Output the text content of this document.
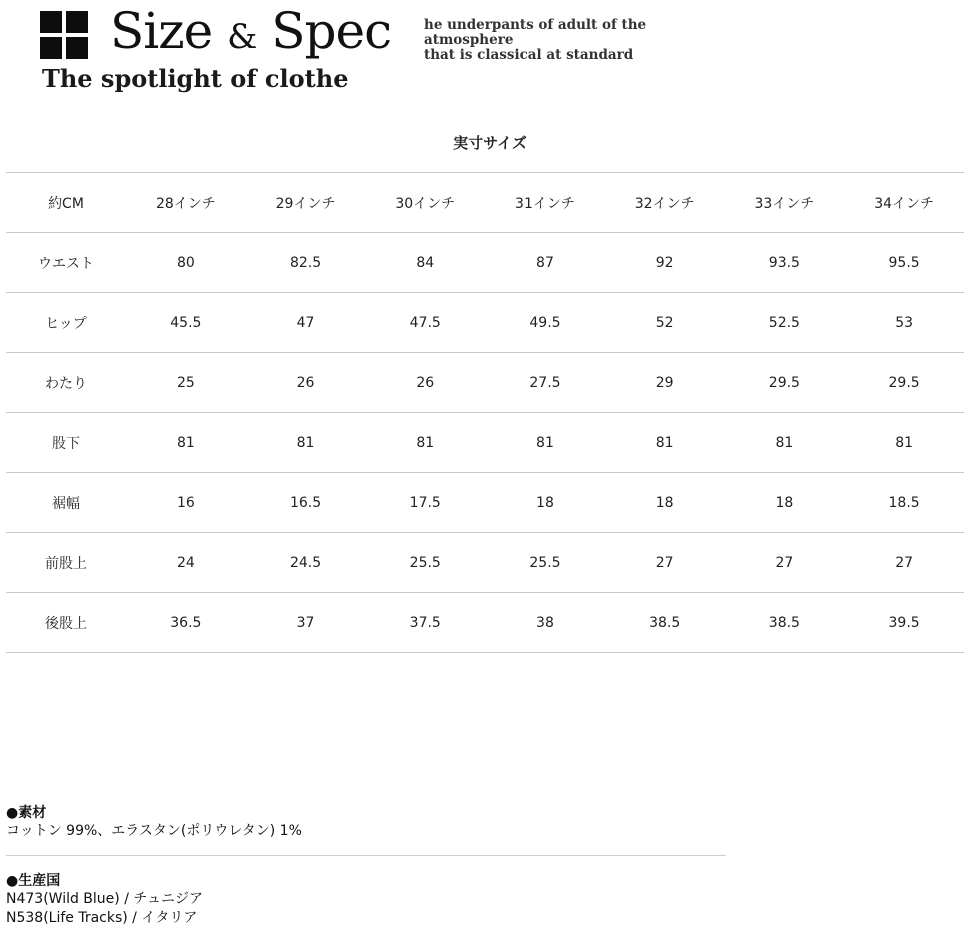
Size & Spec
The spotlight of clothe
he underpants of adult of the atmosphere
that is classical at standard
実寸サイズ
約CM	28インチ	29インチ	30インチ	31インチ	32インチ	33インチ	34インチ
ウエスト	80	82.5	84	87	92	93.5	95.5
ヒップ	45.5	47	47.5	49.5	52	52.5	53
わたり	25	26	26	27.5	29	29.5	29.5
股下	81	81	81	81	81	81	81
裾幅	16	16.5	17.5	18	18	18	18.5
前股上	24	24.5	25.5	25.5	27	27	27
後股上	36.5	37	37.5	38	38.5	38.5	39.5
●素材
コットン 99%、エラスタン(ポリウレタン) 1%
●生産国
N473(Wild Blue) / チュニジア
N538(Life Tracks) / イタリア
